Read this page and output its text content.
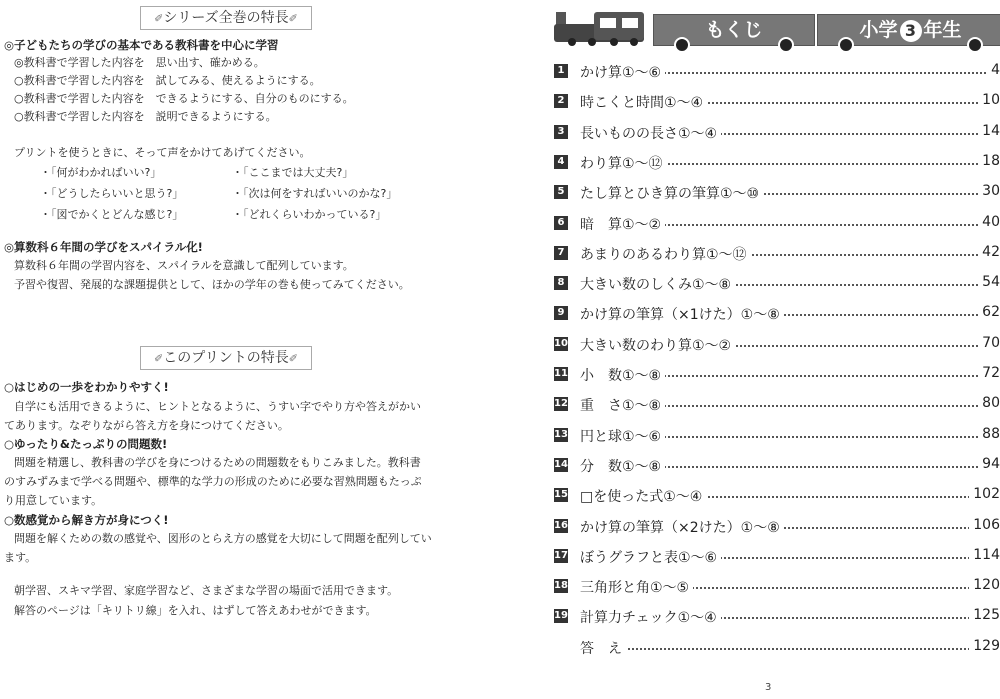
✐シリーズ全巻の特長✐
◎子どもたちの学びの基本である教科書を中心に学習
◎教科書で学習した内容を　思い出す、確かめる。
○教科書で学習した内容を　試してみる、使えるようにする。
○教科書で学習した内容を　できるようにする、自分のものにする。
○教科書で学習した内容を　説明できるようにする。
プリントを使うときに、そって声をかけてあげてください。
・「何がわかればいい?」	・「ここまでは大丈夫?」
・「どうしたらいいと思う?」	・「次は何をすればいいのかな?」
・「図でかくとどんな感じ?」	・「どれくらいわかっている?」
◎算数科６年間の学びをスパイラル化!
算数科６年間の学習内容を、スパイラルを意識して配列しています。
予習や復習、発展的な課題提供として、ほかの学年の巻も使ってみてください。
✐このプリントの特長✐
○はじめの一歩をわかりやすく!
自学にも活用できるように、ヒントとなるように、うすい字でやり方や答えがかい
てあります。なぞりながら答え方を身につけてください。
○ゆったり&たっぷりの問題数!
問題を精選し、教科書の学びを身につけるための問題数をもりこみました。教科書
のすみずみまで学べる問題や、標準的な学力の形成のために必要な習熟問題もたっぷ
り用意しています。
○数感覚から解き方が身につく!
問題を解くための数の感覚や、図形のとらえ方の感覚を大切にして問題を配列してい
ます。
朝学習、スキマ学習、家庭学習など、さまざまな学習の場面で活用できます。
解答のページは「キリトリ線」を入れ、はずして答えあわせができます。
もくじ	小学 3 年生
1 かけ算①〜⑥	4
2 時こくと時間①〜④	10
3 長いものの長さ①〜④	14
4 わり算①〜⑫	18
5 たし算とひき算の筆算①〜⑩	30
6 暗　算①〜②	40
7 あまりのあるわり算①〜⑫	42
8 大きい数のしくみ①〜⑧	54
9 かけ算の筆算（×1けた）①〜⑧	62
10 大きい数のわり算①〜②	70
11 小　数①〜⑧	72
12 重　さ①〜⑧	80
13 円と球①〜⑥	88
14 分　数①〜⑧	94
15 □を使った式①〜④	102
16 かけ算の筆算（×2けた）①〜⑧	106
17 ぼうグラフと表①〜⑥	114
18 三角形と角①〜⑤	120
19 計算力チェック①〜④	125
答　え	129
3
